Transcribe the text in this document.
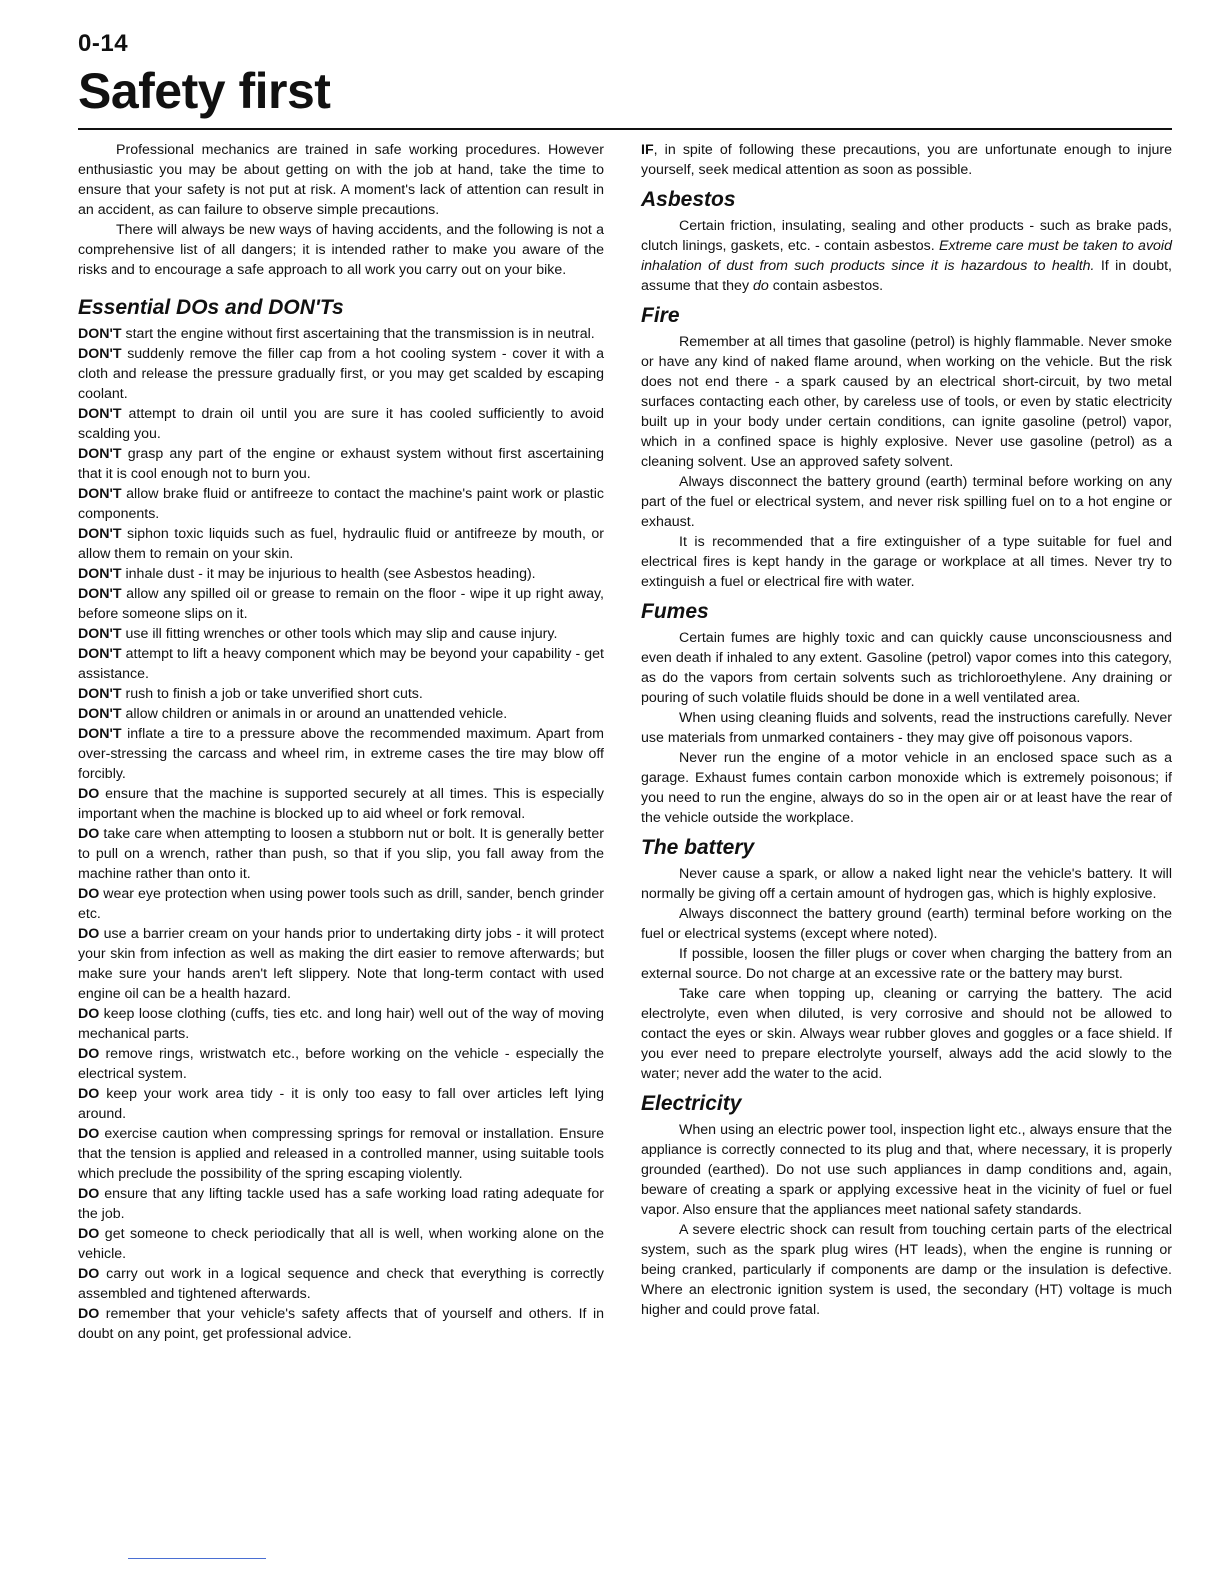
0-14
Safety first

Professional mechanics are trained in safe working procedures. However enthusiastic you may be about getting on with the job at hand, take the time to ensure that your safety is not put at risk. A moment's lack of attention can result in an accident, as can failure to observe simple precautions.

There will always be new ways of having accidents, and the following is not a comprehensive list of all dangers; it is intended rather to make you aware of the risks and to encourage a safe approach to all work you carry out on your bike.

Essential DOs and DON'Ts

DON'T start the engine without first ascertaining that the transmission is in neutral.

DON'T suddenly remove the filler cap from a hot cooling system - cover it with a cloth and release the pressure gradually first, or you may get scalded by escaping coolant.

DON'T attempt to drain oil until you are sure it has cooled sufficiently to avoid scalding you.

DON'T grasp any part of the engine or exhaust system without first ascertaining that it is cool enough not to burn you.

DON'T allow brake fluid or antifreeze to contact the machine's paint work or plastic components.

DON'T siphon toxic liquids such as fuel, hydraulic fluid or antifreeze by mouth, or allow them to remain on your skin.

DON'T inhale dust - it may be injurious to health (see Asbestos heading).

DON'T allow any spilled oil or grease to remain on the floor - wipe it up right away, before someone slips on it.

DON'T use ill fitting wrenches or other tools which may slip and cause injury.

DON'T attempt to lift a heavy component which may be beyond your capability - get assistance.

DON'T rush to finish a job or take unverified short cuts.

DON'T allow children or animals in or around an unattended vehicle.

DON'T inflate a tire to a pressure above the recommended maximum. Apart from over-stressing the carcass and wheel rim, in extreme cases the tire may blow off forcibly.

DO ensure that the machine is supported securely at all times. This is especially important when the machine is blocked up to aid wheel or fork removal.

DO take care when attempting to loosen a stubborn nut or bolt. It is generally better to pull on a wrench, rather than push, so that if you slip, you fall away from the machine rather than onto it.

DO wear eye protection when using power tools such as drill, sander, bench grinder etc.

DO use a barrier cream on your hands prior to undertaking dirty jobs - it will protect your skin from infection as well as making the dirt easier to remove afterwards; but make sure your hands aren't left slippery. Note that long-term contact with used engine oil can be a health hazard.

DO keep loose clothing (cuffs, ties etc. and long hair) well out of the way of moving mechanical parts.

DO remove rings, wristwatch etc., before working on the vehicle - especially the electrical system.

DO keep your work area tidy - it is only too easy to fall over articles left lying around.

DO exercise caution when compressing springs for removal or installation. Ensure that the tension is applied and released in a controlled manner, using suitable tools which preclude the possibility of the spring escaping violently.

DO ensure that any lifting tackle used has a safe working load rating adequate for the job.

DO get someone to check periodically that all is well, when working alone on the vehicle.

DO carry out work in a logical sequence and check that everything is correctly assembled and tightened afterwards.

DO remember that your vehicle's safety affects that of yourself and others. If in doubt on any point, get professional advice.

IF, in spite of following these precautions, you are unfortunate enough to injure yourself, seek medical attention as soon as possible.

Asbestos

Certain friction, insulating, sealing and other products - such as brake pads, clutch linings, gaskets, etc. - contain asbestos. Extreme care must be taken to avoid inhalation of dust from such products since it is hazardous to health. If in doubt, assume that they do contain asbestos.

Fire

Remember at all times that gasoline (petrol) is highly flammable. Never smoke or have any kind of naked flame around, when working on the vehicle. But the risk does not end there - a spark caused by an electrical short-circuit, by two metal surfaces contacting each other, by careless use of tools, or even by static electricity built up in your body under certain conditions, can ignite gasoline (petrol) vapor, which in a confined space is highly explosive. Never use gasoline (petrol) as a cleaning solvent. Use an approved safety solvent.

Always disconnect the battery ground (earth) terminal before working on any part of the fuel or electrical system, and never risk spilling fuel on to a hot engine or exhaust.

It is recommended that a fire extinguisher of a type suitable for fuel and electrical fires is kept handy in the garage or workplace at all times. Never try to extinguish a fuel or electrical fire with water.

Fumes

Certain fumes are highly toxic and can quickly cause unconsciousness and even death if inhaled to any extent. Gasoline (petrol) vapor comes into this category, as do the vapors from certain solvents such as trichloroethylene. Any draining or pouring of such volatile fluids should be done in a well ventilated area.

When using cleaning fluids and solvents, read the instructions carefully. Never use materials from unmarked containers - they may give off poisonous vapors.

Never run the engine of a motor vehicle in an enclosed space such as a garage. Exhaust fumes contain carbon monoxide which is extremely poisonous; if you need to run the engine, always do so in the open air or at least have the rear of the vehicle outside the workplace.

The battery

Never cause a spark, or allow a naked light near the vehicle's battery. It will normally be giving off a certain amount of hydrogen gas, which is highly explosive.

Always disconnect the battery ground (earth) terminal before working on the fuel or electrical systems (except where noted).

If possible, loosen the filler plugs or cover when charging the battery from an external source. Do not charge at an excessive rate or the battery may burst.

Take care when topping up, cleaning or carrying the battery. The acid electrolyte, even when diluted, is very corrosive and should not be allowed to contact the eyes or skin. Always wear rubber gloves and goggles or a face shield. If you ever need to prepare electrolyte yourself, always add the acid slowly to the water; never add the water to the acid.

Electricity

When using an electric power tool, inspection light etc., always ensure that the appliance is correctly connected to its plug and that, where necessary, it is properly grounded (earthed). Do not use such appliances in damp conditions and, again, beware of creating a spark or applying excessive heat in the vicinity of fuel or fuel vapor. Also ensure that the appliances meet national safety standards.

A severe electric shock can result from touching certain parts of the electrical system, such as the spark plug wires (HT leads), when the engine is running or being cranked, particularly if components are damp or the insulation is defective. Where an electronic ignition system is used, the secondary (HT) voltage is much higher and could prove fatal.
